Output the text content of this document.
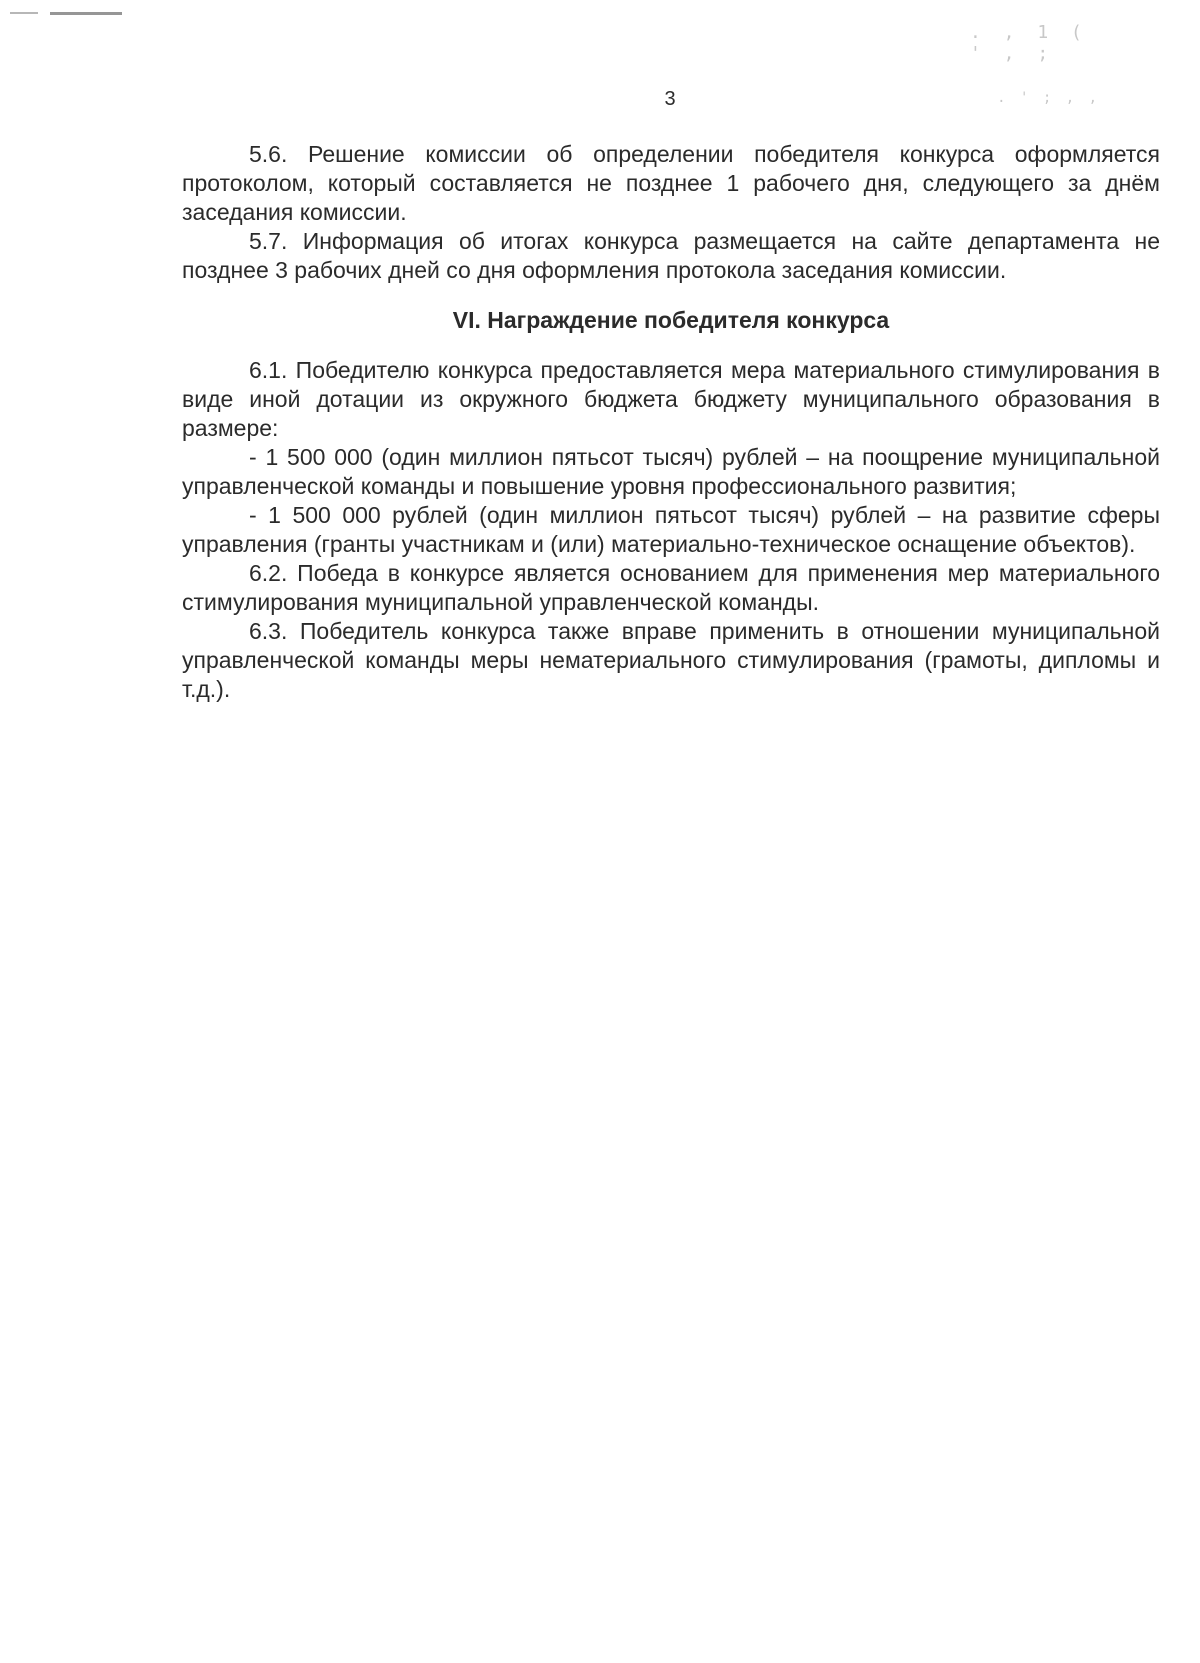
. , 1 ( ' , ;
. ' ; , ,
3

5.6. Решение комиссии об определении победителя конкурса оформляется протоколом, который составляется не позднее 1 рабочего дня, следующего за днём заседания комиссии.

5.7. Информация об итогах конкурса размещается на сайте департамента не позднее 3 рабочих дней со дня оформления протокола заседания комиссии.

VI. Награждение победителя конкурса

6.1. Победителю конкурса предоставляется мера материального стимулирования в виде иной дотации из окружного бюджета бюджету муниципального образования в размере:

- 1 500 000 (один миллион пятьсот тысяч) рублей – на поощрение муниципальной управленческой команды и повышение уровня профессионального развития;

- 1 500 000 рублей (один миллион пятьсот тысяч) рублей – на развитие сферы управления (гранты участникам и (или) материально-техническое оснащение объектов).

6.2. Победа в конкурсе является основанием для применения мер материального стимулирования муниципальной управленческой команды.

6.3. Победитель конкурса также вправе применить в отношении муниципальной управленческой команды меры нематериального стимулирования (грамоты, дипломы и т.д.).
